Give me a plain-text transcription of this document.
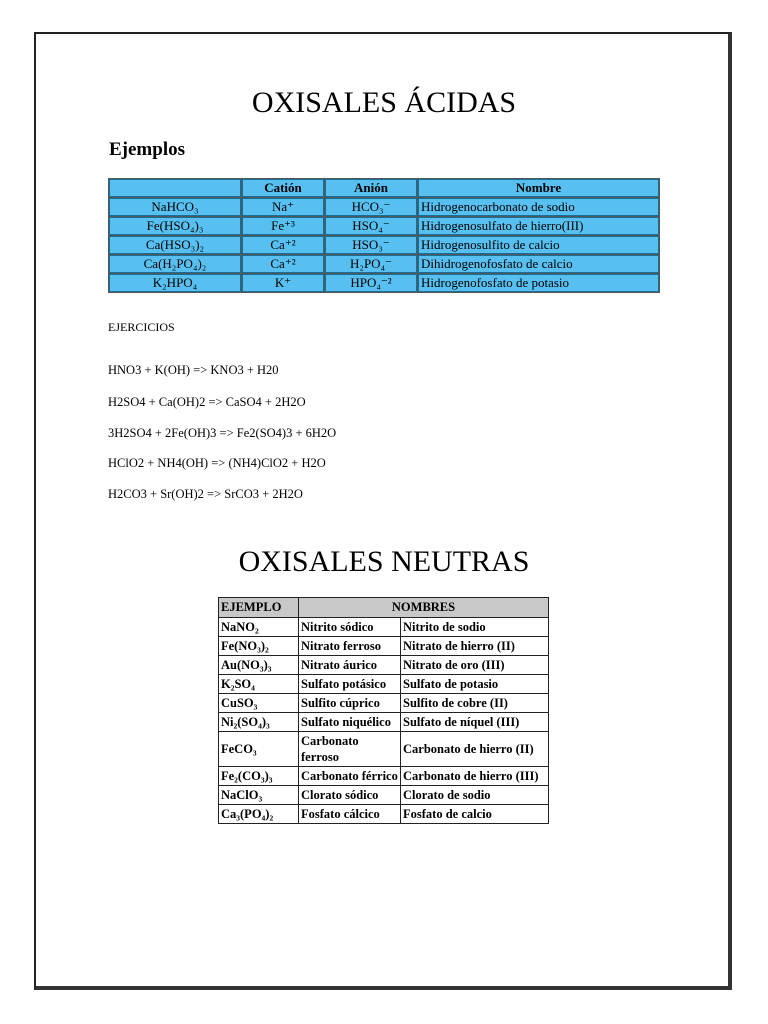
OXISALES ÁCIDAS
Ejemplos
	Catión	Anión	Nombre
NaHCO₃	Na⁺	HCO₃⁻	Hidrogenocarbonato de sodio
Fe(HSO₄)₃	Fe⁺³	HSO₄⁻	Hidrogenosulfato de hierro(III)
Ca(HSO₃)₂	Ca⁺²	HSO₃⁻	Hidrogenosulfito de calcio
Ca(H₂PO₄)₂	Ca⁺²	H₂PO₄⁻	Dihidrogenofosfato de calcio
K₂HPO₄	K⁺	HPO₄⁻²	Hidrogenofosfato de potasio
EJERCICIOS
HNO3 + K(OH) => KNO3 + H20
H2SO4 + Ca(OH)2 => CaSO4 + 2H2O
3H2SO4 + 2Fe(OH)3 => Fe2(SO4)3 + 6H2O
HClO2 + NH4(OH) => (NH4)ClO2 + H2O
H2CO3 + Sr(OH)2 => SrCO3 + 2H2O
OXISALES NEUTRAS
EJEMPLO	NOMBRES	
NaNO₂	Nitrito sódico	Nitrito de sodio
Fe(NO₃)₂	Nitrato ferroso	Nitrato de hierro (II)
Au(NO₃)₃	Nitrato áurico	Nitrato de oro (III)
K₂SO₄	Sulfato potásico	Sulfato de potasio
CuSO₃	Sulfito cúprico	Sulfito de cobre (II)
Ni₂(SO₄)₃	Sulfato niquélico	Sulfato de níquel (III)
FeCO₃	Carbonato ferroso	Carbonato de hierro (II)
Fe₂(CO₃)₃	Carbonato férrico	Carbonato de hierro (III)
NaClO₃	Clorato sódico	Clorato de sodio
Ca₃(PO₄)₂	Fosfato cálcico	Fosfato de calcio
